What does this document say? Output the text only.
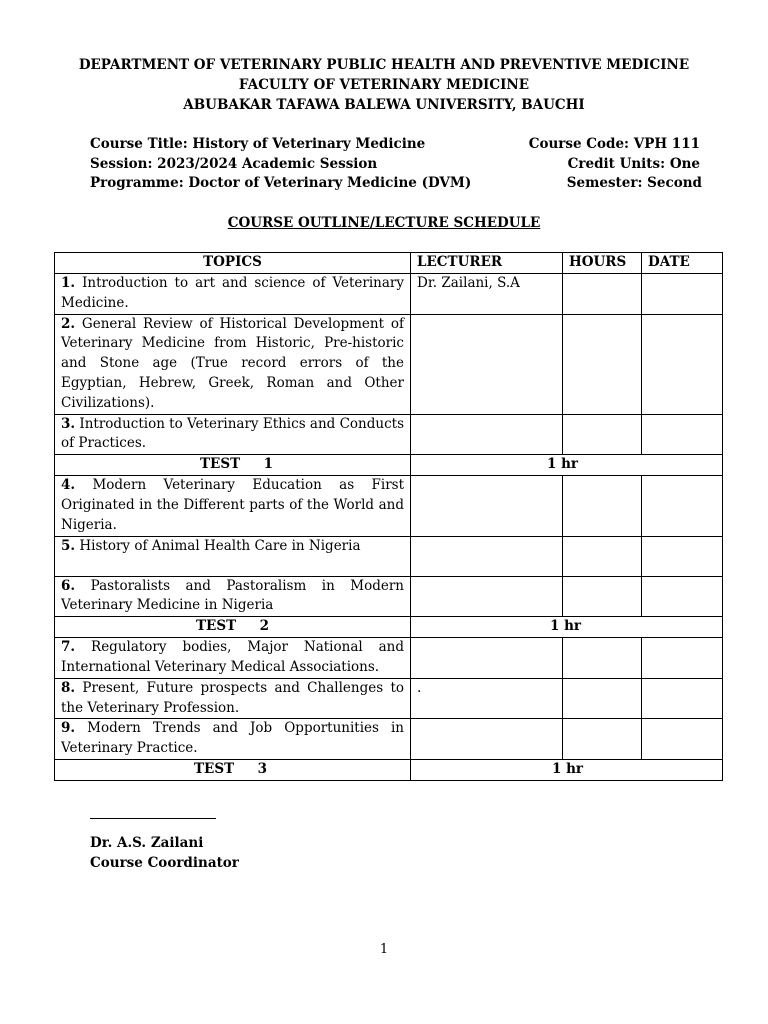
DEPARTMENT OF VETERINARY PUBLIC HEALTH AND PREVENTIVE MEDICINE
FACULTY OF VETERINARY MEDICINE
ABUBAKAR TAFAWA BALEWA UNIVERSITY, BAUCHI
Course Title: History of Veterinary Medicine
Session: 2023/2024 Academic Session
Programme: Doctor of Veterinary Medicine (DVM)
Course Code: VPH 111
Credit Units: One
Semester: Second
COURSE OUTLINE/LECTURE SCHEDULE
TOPICS	LECTURER	HOURS	DATE
1. Introduction to art and science of Veterinary Medicine.	Dr. Zailani, S.A		
2. General Review of Historical Development of Veterinary Medicine from Historic, Pre-historic and Stone age (True record errors of the Egyptian, Hebrew, Greek, Roman and Other Civilizations).			
3. Introduction to Veterinary Ethics and Conducts of Practices.			
TEST     1	1 hr		
4. Modern Veterinary Education as First Originated in the Different parts of the World and Nigeria.			
5. History of Animal Health Care in Nigeria			
6. Pastoralists and Pastoralism in Modern Veterinary Medicine in Nigeria			
TEST     2	1 hr		
7. Regulatory bodies, Major National and International Veterinary Medical Associations.			
8. Present, Future prospects and Challenges to the Veterinary Profession.	.		
9. Modern Trends and Job Opportunities in Veterinary Practice.			
TEST     3	1 hr		
Dr. A.S. Zailani
Course Coordinator
1
